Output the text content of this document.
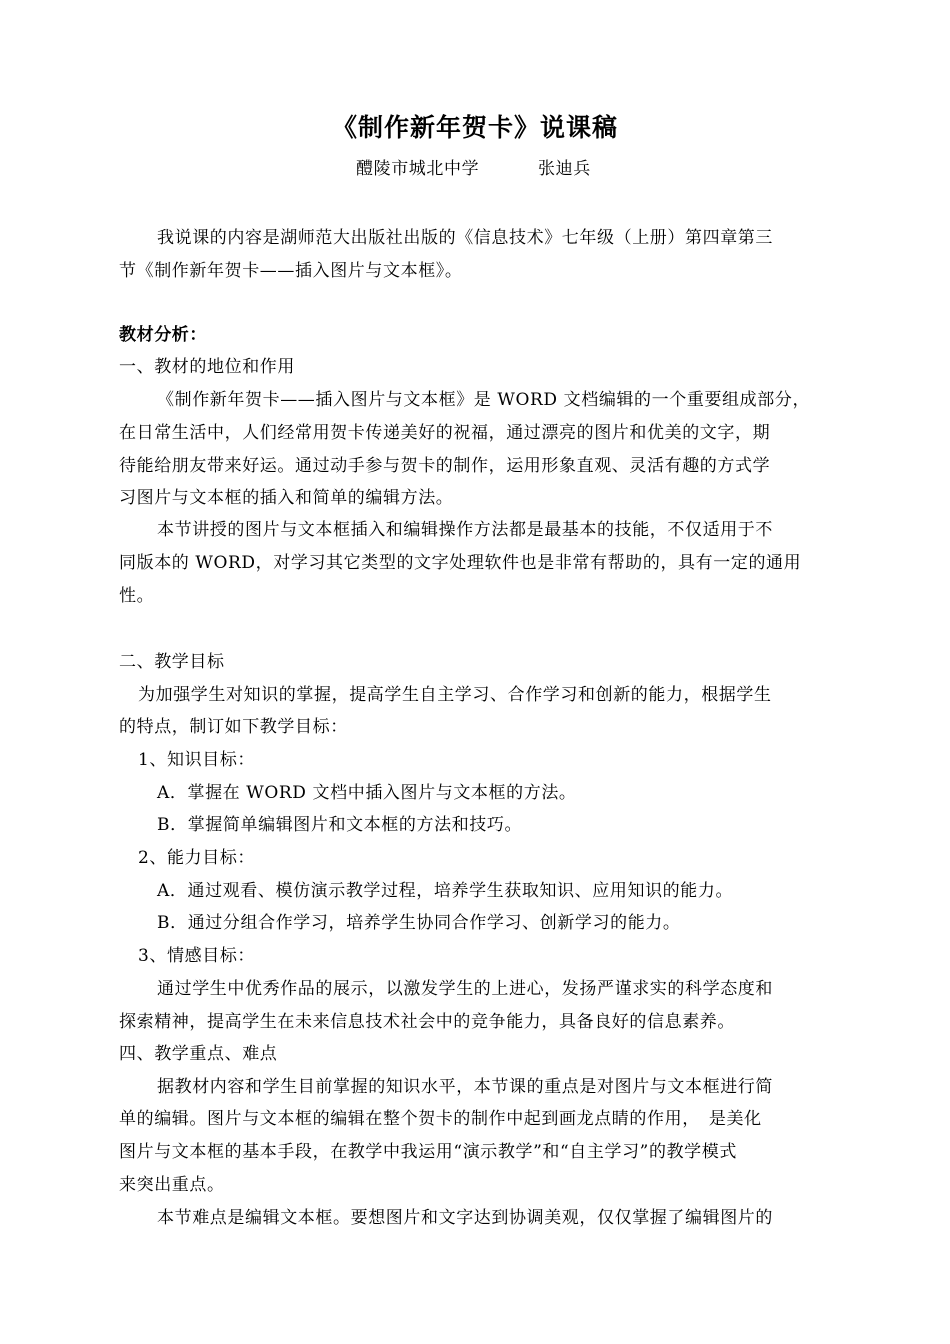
《制作新年贺卡》说课稿
醴陵市城北中学	张迪兵
我说课的内容是湖师范大出版社出版的《信息技术》七年级（上册）第四章第三
节《制作新年贺卡——插入图片与文本框》。
教材分析：
一、教材的地位和作用
《制作新年贺卡——插入图片与文本框》是 WORD 文档编辑的一个重要组成部分，
在日常生活中，人们经常用贺卡传递美好的祝福，通过漂亮的图片和优美的文字，期
待能给朋友带来好运。通过动手参与贺卡的制作，运用形象直观、灵活有趣的方式学
习图片与文本框的插入和简单的编辑方法。
本节讲授的图片与文本框插入和编辑操作方法都是最基本的技能，不仅适用于不
同版本的 WORD，对学习其它类型的文字处理软件也是非常有帮助的，具有一定的通用
性。
二、教学目标
为加强学生对知识的掌握，提高学生自主学习、合作学习和创新的能力，根据学生
的特点，制订如下教学目标：
1、知识目标：
A．掌握在 WORD 文档中插入图片与文本框的方法。
B．掌握简单编辑图片和文本框的方法和技巧。
2、能力目标：
A．通过观看、模仿演示教学过程，培养学生获取知识、应用知识的能力。
B．通过分组合作学习，培养学生协同合作学习、创新学习的能力。
3、情感目标：
通过学生中优秀作品的展示，以激发学生的上进心，发扬严谨求实的科学态度和
探索精神，提高学生在未来信息技术社会中的竞争能力，具备良好的信息素养。
四、教学重点、难点
据教材内容和学生目前掌握的知识水平，本节课的重点是对图片与文本框进行简
单的编辑。图片与文本框的编辑在整个贺卡的制作中起到画龙点睛的作用，　是美化
图片与文本框的基本手段，在教学中我运用“演示教学”和“自主学习”的教学模式
来突出重点。
本节难点是编辑文本框。要想图片和文字达到协调美观，仅仅掌握了编辑图片的
